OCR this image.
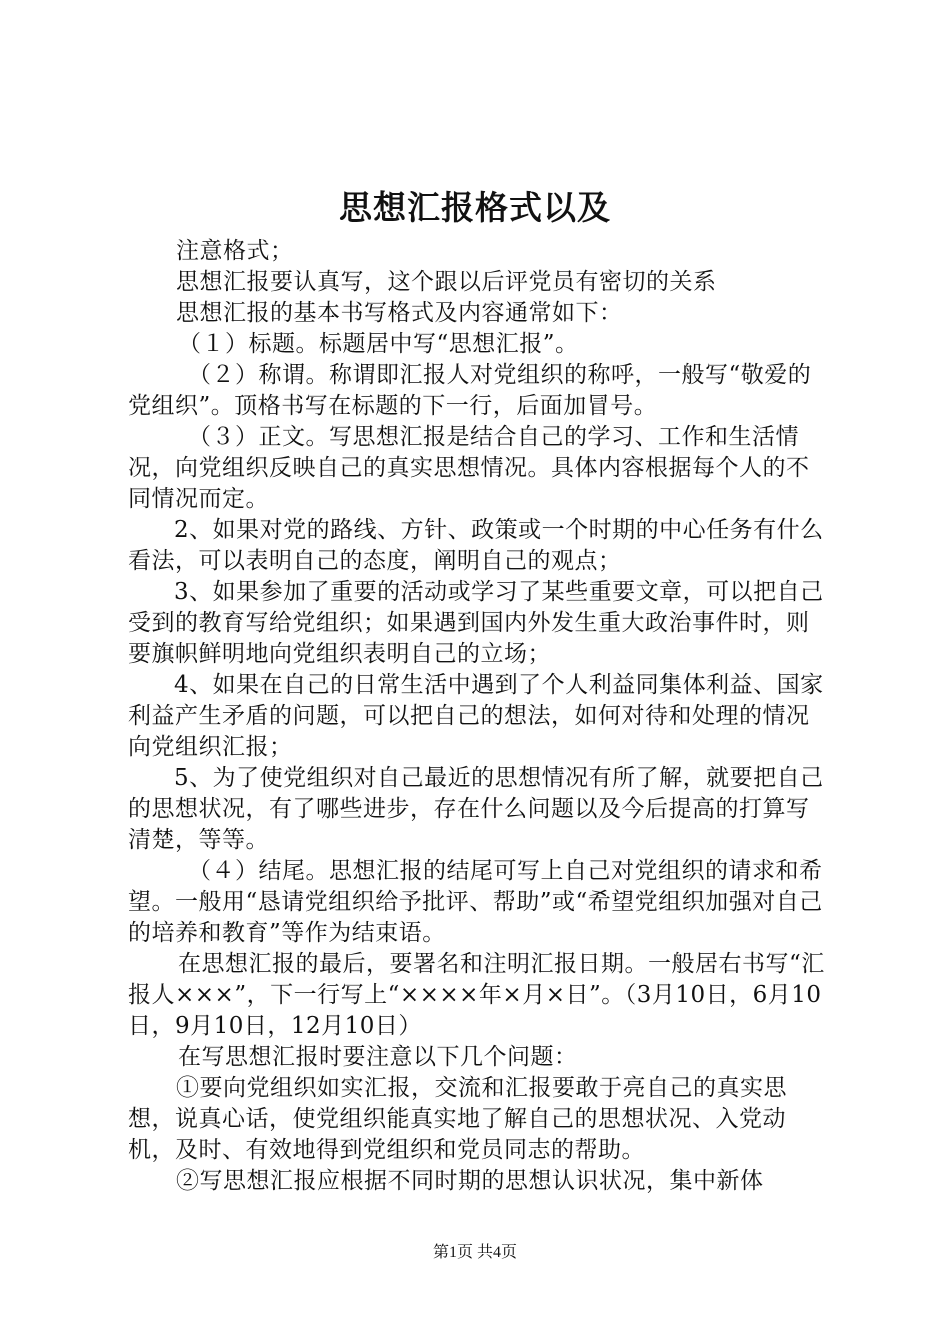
思想汇报格式以及

注意格式；

思想汇报要认真写，这个跟以后评党员有密切的关系

思想汇报的基本书写格式及内容通常如下：

（１）标题。标题居中写“思想汇报”。

（２）称谓。称谓即汇报人对党组织的称呼，一般写“敬爱的党组织”。顶格书写在标题的下一行，后面加冒号。

（３）正文。写思想汇报是结合自己的学习、工作和生活情况，向党组织反映自己的真实思想情况。具体内容根据每个人的不同情况而定。

2、如果对党的路线、方针、政策或一个时期的中心任务有什么看法，可以表明自己的态度，阐明自己的观点；

3、如果参加了重要的活动或学习了某些重要文章，可以把自己受到的教育写给党组织；如果遇到国内外发生重大政治事件时，则要旗帜鲜明地向党组织表明自己的立场；

4、如果在自己的日常生活中遇到了个人利益同集体利益、国家利益产生矛盾的问题，可以把自己的想法，如何对待和处理的情况向党组织汇报；

5、为了使党组织对自己最近的思想情况有所了解，就要把自己的思想状况，有了哪些进步，存在什么问题以及今后提高的打算写清楚，等等。

（４）结尾。思想汇报的结尾可写上自己对党组织的请求和希望。一般用“恳请党组织给予批评、帮助”或“希望党组织加强对自己的培养和教育”等作为结束语。

在思想汇报的最后，要署名和注明汇报日期。一般居右书写“汇报人×××”，下一行写上“××××年×月×日”。（3月10日，6月10日，9月10日，12月10日）

在写思想汇报时要注意以下几个问题：

①要向党组织如实汇报，交流和汇报要敢于亮自己的真实思想，说真心话，使党组织能真实地了解自己的思想状况、入党动机，及时、有效地得到党组织和党员同志的帮助。

②写思想汇报应根据不同时期的思想认识状况，集中新体

第1页 共4页
